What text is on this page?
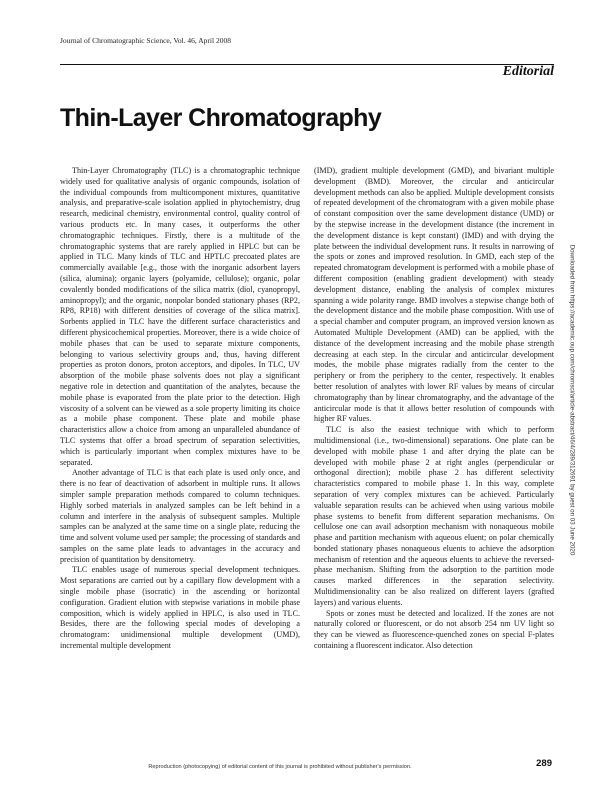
Journal of Chromatographic Science, Vol. 46, April 2008
Editorial
Thin-Layer Chromatography

Thin-Layer Chromatography (TLC) is a chromatographic technique widely used for qualitative analysis of organic compounds, isolation of the individual compounds from multicomponent mixtures, quantitative analysis, and preparative-scale isolation applied in phytochemistry, drug research, medicinal chemistry, environmental control, quality control of various products etc. In many cases, it outperforms the other chromatographic techniques. Firstly, there is a multitude of the chromatographic systems that are rarely applied in HPLC but can be applied in TLC. Many kinds of TLC and HPTLC precoated plates are commercially available [e.g., those with the inorganic adsorbent layers (silica, alumina); organic layers (polyamide, cellulose); organic, polar covalently bonded modifications of the silica matrix (diol, cyanopropyl, aminopropyl); and the organic, nonpolar bonded stationary phases (RP2, RP8, RP18) with different densities of coverage of the silica matrix]. Sorbents applied in TLC have the different surface characteristics and different physicochemical properties. Moreover, there is a wide choice of mobile phases that can be used to separate mixture components, belonging to various selectivity groups and, thus, having different properties as proton donors, proton acceptors, and dipoles. In TLC, UV absorption of the mobile phase solvents does not play a significant negative role in detection and quantitation of the analytes, because the mobile phase is evaporated from the plate prior to the detection. High viscosity of a solvent can be viewed as a sole property limiting its choice as a mobile phase component. These plate and mobile phase characteristics allow a choice from among an unparalleled abundance of TLC systems that offer a broad spectrum of separation selectivities, which is particularly important when complex mixtures have to be separated.

Another advantage of TLC is that each plate is used only once, and there is no fear of deactivation of adsorbent in multiple runs. It allows simpler sample preparation methods compared to column techniques. Highly sorbed materials in analyzed samples can be left behind in a column and interfere in the analysis of subsequent samples. Multiple samples can be analyzed at the same time on a single plate, reducing the time and solvent volume used per sample; the processing of standards and samples on the same plate leads to advantages in the accuracy and precision of quantitation by densitometry.

TLC enables usage of numerous special development techniques. Most separations are carried out by a capillary flow development with a single mobile phase (isocratic) in the ascending or horizontal configuration. Gradient elution with stepwise variations in mobile phase composition, which is widely applied in HPLC, is also used in TLC. Besides, there are the following special modes of developing a chromatogram: unidimensional multiple development (UMD), incremental multiple development

(IMD), gradient multiple development (GMD), and bivariant multiple development (BMD). Moreover, the circular and anticircular development methods can also be applied. Multiple development consists of repeated development of the chromatogram with a given mobile phase of constant composition over the same development distance (UMD) or by the stepwise increase in the development distance (the increment in the development distance is kept constant) (IMD) and with drying the plate between the individual development runs. It results in narrowing of the spots or zones and improved resolution. In GMD, each step of the repeated chromatogram development is performed with a mobile phase of different composition (enabling gradient development) with steady development distance, enabling the analysis of complex mixtures spanning a wide polarity range. BMD involves a stepwise change both of the development distance and the mobile phase composition. With use of a special chamber and computer program, an improved version known as Automated Multiple Development (AMD) can be applied, with the distance of the development increasing and the mobile phase strength decreasing at each step. In the circular and anticircular development modes, the mobile phase migrates radially from the center to the periphery or from the periphery to the center, respectively. It enables better resolution of analytes with lower RF values by means of circular chromatography than by linear chromatography, and the advantage of the anticircular mode is that it allows better resolution of compounds with higher RF values.

TLC is also the easiest technique with which to perform multidimensional (i.e., two-dimensional) separations. One plate can be developed with mobile phase 1 and after drying the plate can be developed with mobile phase 2 at right angles (perpendicular or orthogonal direction); mobile phase 2 has different selectivity characteristics compared to mobile phase 1. In this way, complete separation of very complex mixtures can be achieved. Particularly valuable separation results can be achieved when using various mobile phase systems to benefit from different separation mechanisms. On cellulose one can avail adsorption mechanism with nonaqueous mobile phase and partition mechanism with aqueous eluent; on polar chemically bonded stationary phases nonaqueous eluents to achieve the adsorption mechanism of retention and the aqueous eluents to achieve the reversed-phase mechanism. Shifting from the adsorption to the partition mode causes marked differences in the separation selectivity. Multidimensionality can be also realized on different layers (grafted layers) and various eluents.

Spots or zones must be detected and localized. If the zones are not naturally colored or fluorescent, or do not absorb 254 nm UV light so they can be viewed as fluorescence-quenched zones on special F-plates containing a fluorescent indicator. Also detection

Downloaded from https://academic.oup.com/chromsci/article-abstract/46/4/289/312691 by guest on 03 June 2020
Reproduction (photocopying) of editorial content of this journal is prohibited without publisher's permission.	289
